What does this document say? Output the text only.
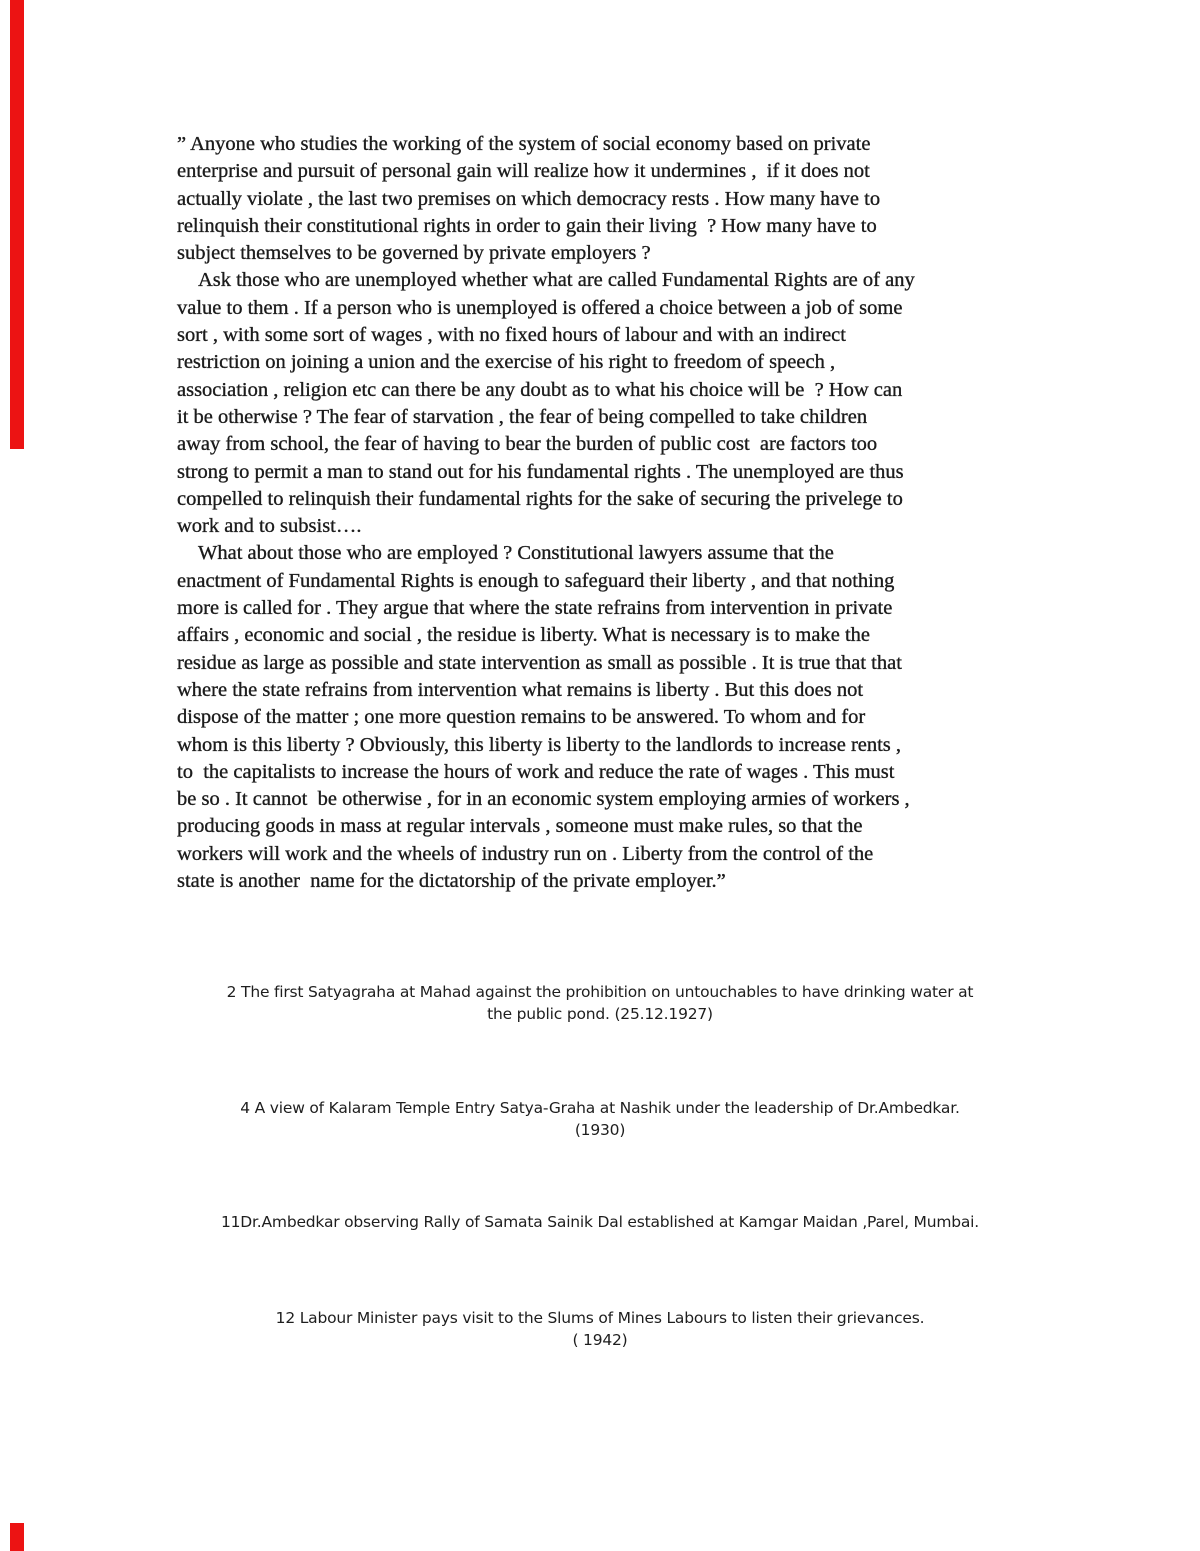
” Anyone who studies the working of the system of social economy based on private
enterprise and pursuit of personal gain will realize how it undermines ,  if it does not
actually violate , the last two premises on which democracy rests . How many have to
relinquish their constitutional rights in order to gain their living  ? How many have to
subject themselves to be governed by private employers ?
Ask those who are unemployed whether what are called Fundamental Rights are of any
value to them . If a person who is unemployed is offered a choice between a job of some
sort , with some sort of wages , with no fixed hours of labour and with an indirect
restriction on joining a union and the exercise of his right to freedom of speech ,
association , religion etc can there be any doubt as to what his choice will be  ? How can
it be otherwise ? The fear of starvation , the fear of being compelled to take children
away from school, the fear of having to bear the burden of public cost  are factors too
strong to permit a man to stand out for his fundamental rights . The unemployed are thus
compelled to relinquish their fundamental rights for the sake of securing the privelege to
work and to subsist….
What about those who are employed ? Constitutional lawyers assume that the
enactment of Fundamental Rights is enough to safeguard their liberty , and that nothing
more is called for . They argue that where the state refrains from intervention in private
affairs , economic and social , the residue is liberty. What is necessary is to make the
residue as large as possible and state intervention as small as possible . It is true that that
where the state refrains from intervention what remains is liberty . But this does not
dispose of the matter ; one more question remains to be answered. To whom and for
whom is this liberty ? Obviously, this liberty is liberty to the landlords to increase rents ,
to  the capitalists to increase the hours of work and reduce the rate of wages . This must
be so . It cannot  be otherwise , for in an economic system employing armies of workers ,
producing goods in mass at regular intervals , someone must make rules, so that the
workers will work and the wheels of industry run on . Liberty from the control of the
state is another  name for the dictatorship of the private employer.”
2 The first Satyagraha at Mahad against the prohibition on untouchables to have drinking water at
the public pond. (25.12.1927)
4 A view of Kalaram Temple Entry Satya-Graha at Nashik under the leadership of Dr.Ambedkar.
(1930)
11Dr.Ambedkar observing Rally of Samata Sainik Dal established at Kamgar Maidan ,Parel, Mumbai.
12 Labour Minister pays visit to the Slums of Mines Labours to listen their grievances.
( 1942)
